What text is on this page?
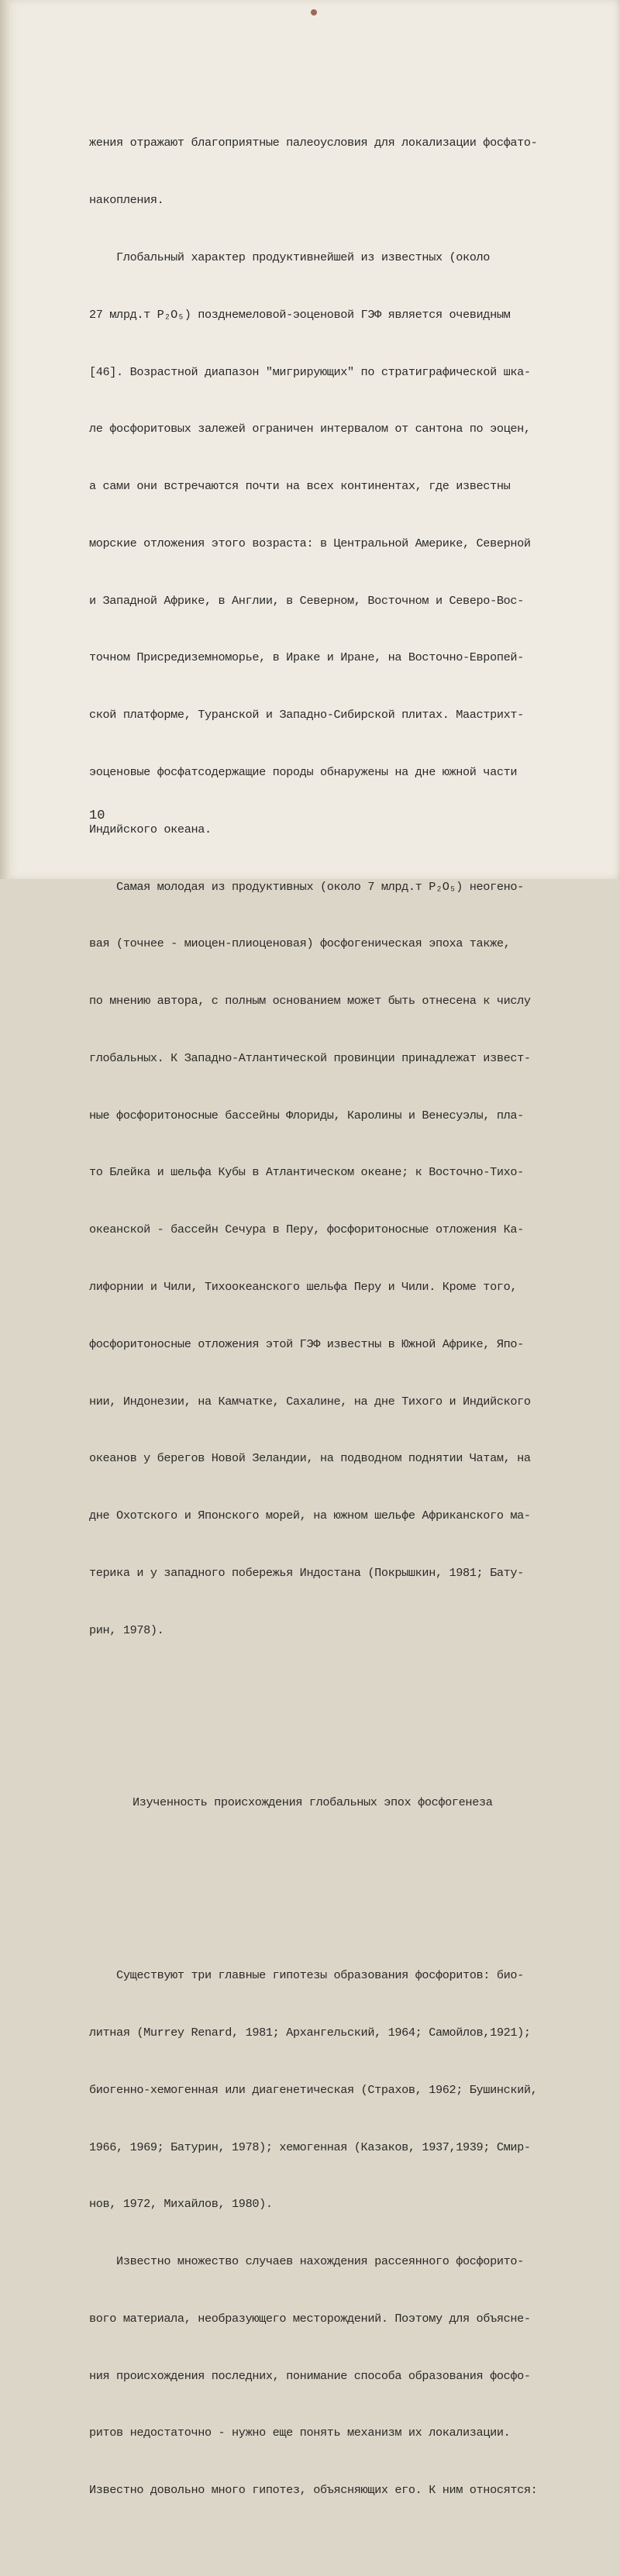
жения отражают благоприятные палеоусловия для локализации фосфато-

накопления.

Глобальный характер продуктивнейшей из известных (около

27 млрд.т P₂O₅) позднемеловой-эоценовой ГЭФ является очевидным

[46]. Возрастной диапазон "мигрирующих" по стратиграфической шка-

ле фосфоритовых залежей ограничен интервалом от сантона по эоцен,

а сами они встречаются почти на всех континентах, где известны

морские отложения этого возраста: в Центральной Америке, Северной

и Западной Африке, в Англии, в Северном, Восточном и Северо-Вос-

точном Присредиземноморье, в Ираке и Иране, на Восточно-Европей-

ской платформе, Туранской и Западно-Сибирской плитах. Маастрихт-

эоценовые фосфатсодержащие породы обнаружены на дне южной части

Индийского океана.

Самая молодая из продуктивных (около 7 млрд.т P₂O₅) неогено-

вая (точнее - миоцен-плиоценовая) фосфогеническая эпоха также,

по мнению автора, с полным основанием может быть отнесена к числу

глобальных. К Западно-Атлантической провинции принадлежат извест-

ные фосфоритоносные бассейны Флориды, Каролины и Венесуэлы, пла-

то Блейка и шельфа Кубы в Атлантическом океане; к Восточно-Тихо-

океанской - бассейн Сечура в Перу, фосфоритоносные отложения Ка-

лифорнии и Чили, Тихоокеанского шельфа Перу и Чили. Кроме того,

фосфоритоносные отложения этой ГЭФ известны в Южной Африке, Япо-

нии, Индонезии, на Камчатке, Сахалине, на дне Тихого и Индийского

океанов у берегов Новой Зеландии, на подводном поднятии Чатам, на

дне Охотского и Японского морей, на южном шельфе Африканского ма-

терика и у западного побережья Индостана (Покрышкин, 1981; Бату-

рин, 1978).

Изученность происхождения глобальных эпох фосфогенеза

Существуют три главные гипотезы образования фосфоритов: био-

литная (Murrey Renard, 1981; Архангельский, 1964; Самойлов,1921);

биогенно-хемогенная или диагенетическая (Страхов, 1962; Бушинский,

1966, 1969; Батурин, 1978); хемогенная (Казаков, 1937,1939; Смир-

нов, 1972, Михайлов, 1980).

Известно множество случаев нахождения рассеянного фосфорито-

вого материала, необразующего месторождений. Поэтому для объясне-

ния происхождения последних, понимание способа образования фосфо-

ритов недостаточно - нужно еще понять механизм их локализации.

Известно довольно много гипотез, объясняющих его. К ним относятся:

10
